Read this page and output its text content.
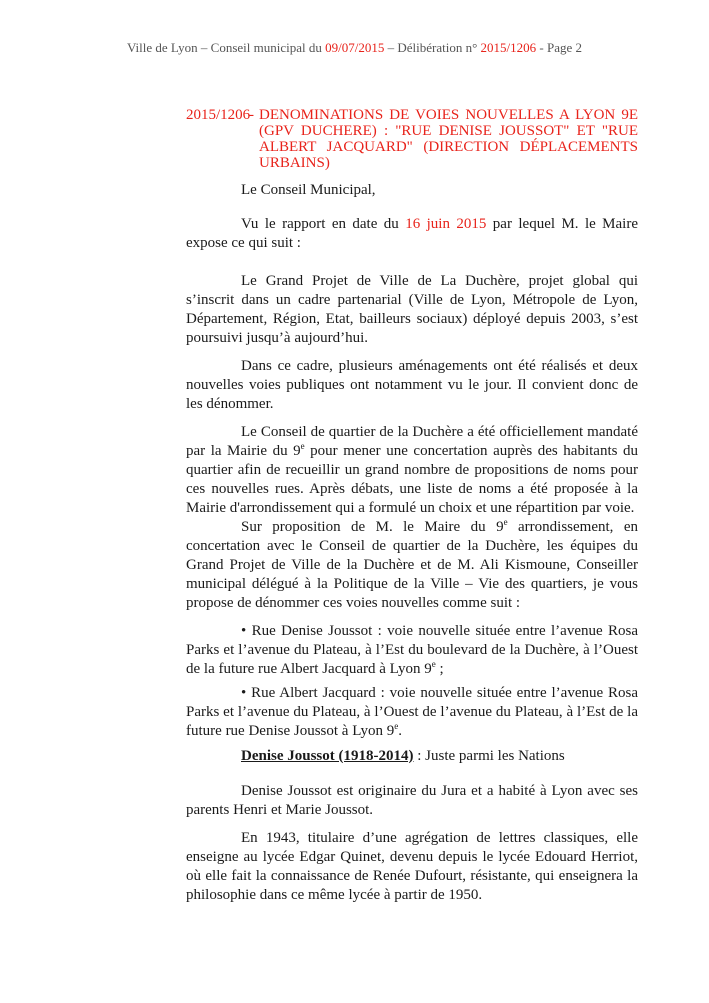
Ville de Lyon – Conseil municipal du 09/07/2015 – Délibération n° 2015/1206 - Page 2
2015/1206
- DENOMINATIONS DE VOIES NOUVELLES A LYON 9E
(GPV DUCHERE) : "RUE DENISE JOUSSOT" ET "RUE
ALBERT JACQUARD" (DIRECTION DÉPLACEMENTS
URBAINS)

Le Conseil Municipal,

Vu le rapport en date du 16 juin 2015 par lequel M. le Maire expose ce qui suit :

Le Grand Projet de Ville de La Duchère, projet global qui s’inscrit dans un cadre partenarial (Ville de Lyon, Métropole de Lyon, Département, Région, Etat, bailleurs sociaux) déployé depuis 2003, s’est poursuivi jusqu’à aujourd’hui.

Dans ce cadre, plusieurs aménagements ont été réalisés et deux nouvelles voies publiques ont notamment vu le jour. Il convient donc de les dénommer.

Le Conseil de quartier de la Duchère a été officiellement mandaté par la Mairie du 9e pour mener une concertation auprès des habitants du quartier afin de recueillir un grand nombre de propositions de noms pour ces nouvelles rues. Après débats, une liste de noms a été proposée à la Mairie d'arrondissement qui a formulé un choix et une répartition par voie.

Sur proposition de M. le Maire du 9e arrondissement, en concertation avec le Conseil de quartier de la Duchère, les équipes du Grand Projet de Ville de la Duchère et de M. Ali Kismoune, Conseiller municipal délégué à la Politique de la Ville – Vie des quartiers, je vous propose de dénommer ces voies nouvelles comme suit :

• Rue Denise Joussot : voie nouvelle située entre l’avenue Rosa Parks et l’avenue du Plateau, à l’Est du boulevard de la Duchère, à l’Ouest de la future rue Albert Jacquard à Lyon 9e ;

• Rue Albert Jacquard : voie nouvelle située entre l’avenue Rosa Parks et l’avenue du Plateau, à l’Ouest de l’avenue du Plateau, à l’Est de la future rue Denise Joussot à Lyon 9e.

Denise Joussot (1918-2014) : Juste parmi les Nations

Denise Joussot est originaire du Jura et a habité à Lyon avec ses parents Henri et Marie Joussot.

En 1943, titulaire d’une agrégation de lettres classiques, elle enseigne au lycée Edgar Quinet, devenu depuis le lycée Edouard Herriot, où elle fait la connaissance de Renée Dufourt, résistante, qui enseignera la philosophie dans ce même lycée à partir de 1950.
